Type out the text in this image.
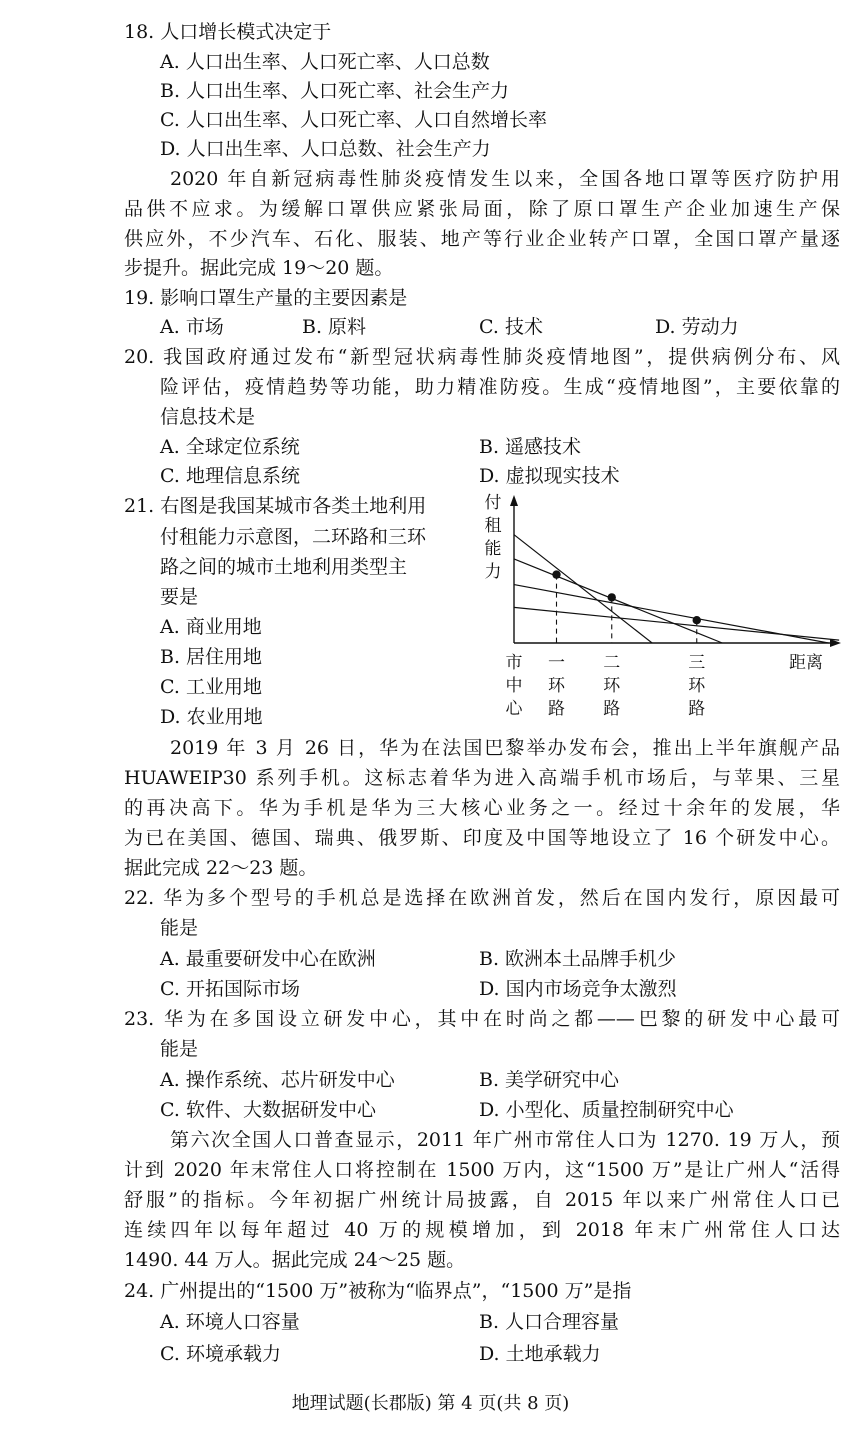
18. 人口增长模式决定于
A. 人口出生率、人口死亡率、人口总数
B. 人口出生率、人口死亡率、社会生产力
C. 人口出生率、人口死亡率、人口自然增长率
D. 人口出生率、人口总数、社会生产力
2020 年自新冠病毒性肺炎疫情发生以来，全国各地口罩等医疗防护用
品供不应求。为缓解口罩供应紧张局面，除了原口罩生产企业加速生产保
供应外，不少汽车、石化、服装、地产等行业企业转产口罩，全国口罩产量逐
步提升。据此完成 19～20 题。
19. 影响口罩生产量的主要因素是
A. 市场	B. 原料	C. 技术	D. 劳动力
20. 我国政府通过发布“新型冠状病毒性肺炎疫情地图”，提供病例分布、风
险评估，疫情趋势等功能，助力精准防疫。生成“疫情地图”，主要依靠的
信息技术是
A. 全球定位系统	B. 遥感技术
C. 地理信息系统	D. 虚拟现实技术
21. 右图是我国某城市各类土地利用
付租能力示意图，二环路和三环
路之间的城市土地利用类型主
要是
A. 商业用地
B. 居住用地
C. 工业用地
D. 农业用地
付租能力
市中心
一环路
二环路
三环路
距离
2019 年 3 月 26 日，华为在法国巴黎举办发布会，推出上半年旗舰产品
HUAWEIP30 系列手机。这标志着华为进入高端手机市场后，与苹果、三星
的再决高下。华为手机是华为三大核心业务之一。经过十余年的发展，华
为已在美国、德国、瑞典、俄罗斯、印度及中国等地设立了 16 个研发中心。
据此完成 22～23 题。
22. 华为多个型号的手机总是选择在欧洲首发，然后在国内发行，原因最可
能是
A. 最重要研发中心在欧洲	B. 欧洲本土品牌手机少
C. 开拓国际市场	D. 国内市场竞争太激烈
23. 华为在多国设立研发中心，其中在时尚之都——巴黎的研发中心最可
能是
A. 操作系统、芯片研发中心	B. 美学研究中心
C. 软件、大数据研发中心	D. 小型化、质量控制研究中心
第六次全国人口普查显示，2011 年广州市常住人口为 1270. 19 万人，预
计到 2020 年末常住人口将控制在 1500 万内，这“1500 万”是让广州人“活得
舒服”的指标。今年初据广州统计局披露，自 2015 年以来广州常住人口已
连续四年以每年超过 40 万的规模增加，到 2018 年末广州常住人口达
1490. 44 万人。据此完成 24～25 题。
24. 广州提出的“1500 万”被称为“临界点”，“1500 万”是指
A. 环境人口容量	B. 人口合理容量
C. 环境承载力	D. 土地承载力
地理试题(长郡版) 第 4 页(共 8 页)
